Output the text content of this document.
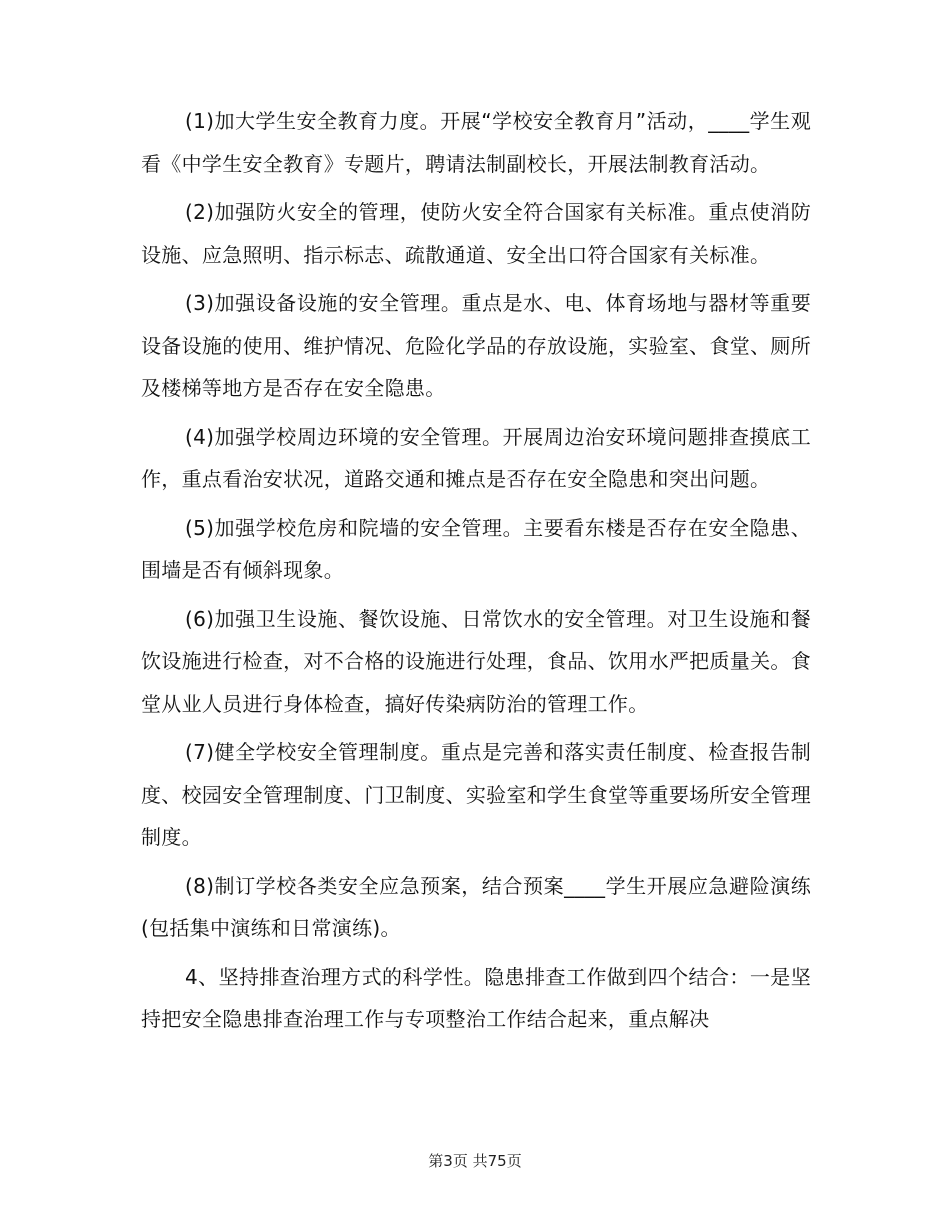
(1)加大学生安全教育力度。开展“学校安全教育月”活动，____学生观看《中学生安全教育》专题片，聘请法制副校长，开展法制教育活动。

(2)加强防火安全的管理，使防火安全符合国家有关标准。重点使消防设施、应急照明、指示标志、疏散通道、安全出口符合国家有关标准。

(3)加强设备设施的安全管理。重点是水、电、体育场地与器材等重要设备设施的使用、维护情况、危险化学品的存放设施，实验室、食堂、厕所及楼梯等地方是否存在安全隐患。

(4)加强学校周边环境的安全管理。开展周边治安环境问题排查摸底工作，重点看治安状况，道路交通和摊点是否存在安全隐患和突出问题。

(5)加强学校危房和院墙的安全管理。主要看东楼是否存在安全隐患、围墙是否有倾斜现象。

(6)加强卫生设施、餐饮设施、日常饮水的安全管理。对卫生设施和餐饮设施进行检查，对不合格的设施进行处理，食品、饮用水严把质量关。食堂从业人员进行身体检查，搞好传染病防治的管理工作。

(7)健全学校安全管理制度。重点是完善和落实责任制度、检查报告制度、校园安全管理制度、门卫制度、实验室和学生食堂等重要场所安全管理制度。

(8)制订学校各类安全应急预案，结合预案____学生开展应急避险演练(包括集中演练和日常演练)。

4、坚持排查治理方式的科学性。隐患排查工作做到四个结合：一是坚持把安全隐患排查治理工作与专项整治工作结合起来，重点解决

第3页 共75页
